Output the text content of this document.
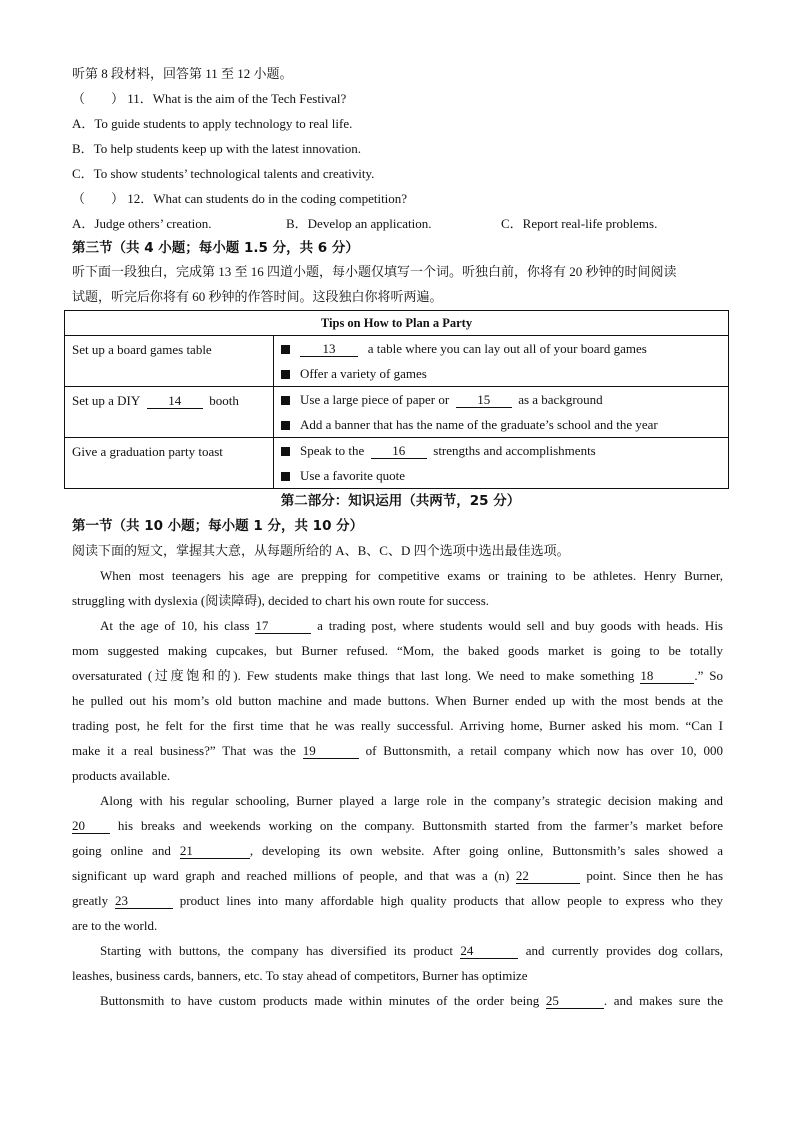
听第 8 段材料，回答第 11 至 12 小题。
（　　） 11．What is the aim of the Tech Festival?
A．To guide students to apply technology to real life.
B．To help students keep up with the latest innovation.
C．To show students’ technological talents and creativity.
（　　） 12．What can students do in the coding competition?
A．Judge others’ creation.	B．Develop an application.	C．Report real-life problems.
第三节（共 4 小题；每小题 1.5 分，共 6 分）
听下面一段独白，完成第 13 至 16 四道小题，每小题仅填写一个词。听独白前，你将有 20 秒钟的时间阅读
试题，听完后你将有 60 秒钟的作答时间。这段独白你将听两遍。
Tips on How to Plan a Party	
Set up a board games table	13 a table where you can lay out all of your board games
Offer a variety of games

Set up a DIY 14 booth	Use a large piece of paper or 15 as a background
Add a banner that has the name of the graduate’s school and the year

Give a graduation party toast	Speak to the 16 strengths and accomplishments
Use a favorite quote
第二部分：知识运用（共两节，25 分）
第一节（共 10 小题；每小题 1 分，共 10 分）
阅读下面的短文，掌握其大意，从每题所给的 A、B、C、D 四个选项中选出最佳选项。
When most teenagers his age are prepping for competitive exams or training to be athletes. Henry Burner,
struggling with dyslexia (阅读障碍), decided to chart his own route for success.
At the age of 10, his class 17	a trading post, where students would sell and buy goods with heads. His
mom suggested making cupcakes, but Burner refused. “Mom, the baked goods market is going to be totally
oversaturated (过度饱和的). Few students make things that last long. We need to make something 18	.” So
he pulled out his mom’s old button machine and made buttons. When Burner ended up with the most bends at the
trading post, he felt for the first time that he was really successful. Arriving home, Burner asked his mom. “Can I
make it a real business?” That was the 19	of Buttonsmith, a retail company which now has over 10, 000
products available.
Along with his regular schooling, Burner played a large role in the company’s strategic decision making and
20	his breaks and weekends working on the company. Buttonsmith started from the farmer’s market before
going online and 21	, developing its own website. After going online, Buttonsmith’s sales showed a
significant up ward graph and reached millions of people, and that was a (n) 22	point. Since then he has
greatly 23	product lines into many affordable high quality products that allow people to express who they
are to the world.
Starting with buttons, the company has diversified its product 24	and currently provides dog collars,
leashes, business cards, banners, etc. To stay ahead of competitors, Burner has optimize
Buttonsmith to have custom products made within minutes of the order being 25	. and makes sure the
